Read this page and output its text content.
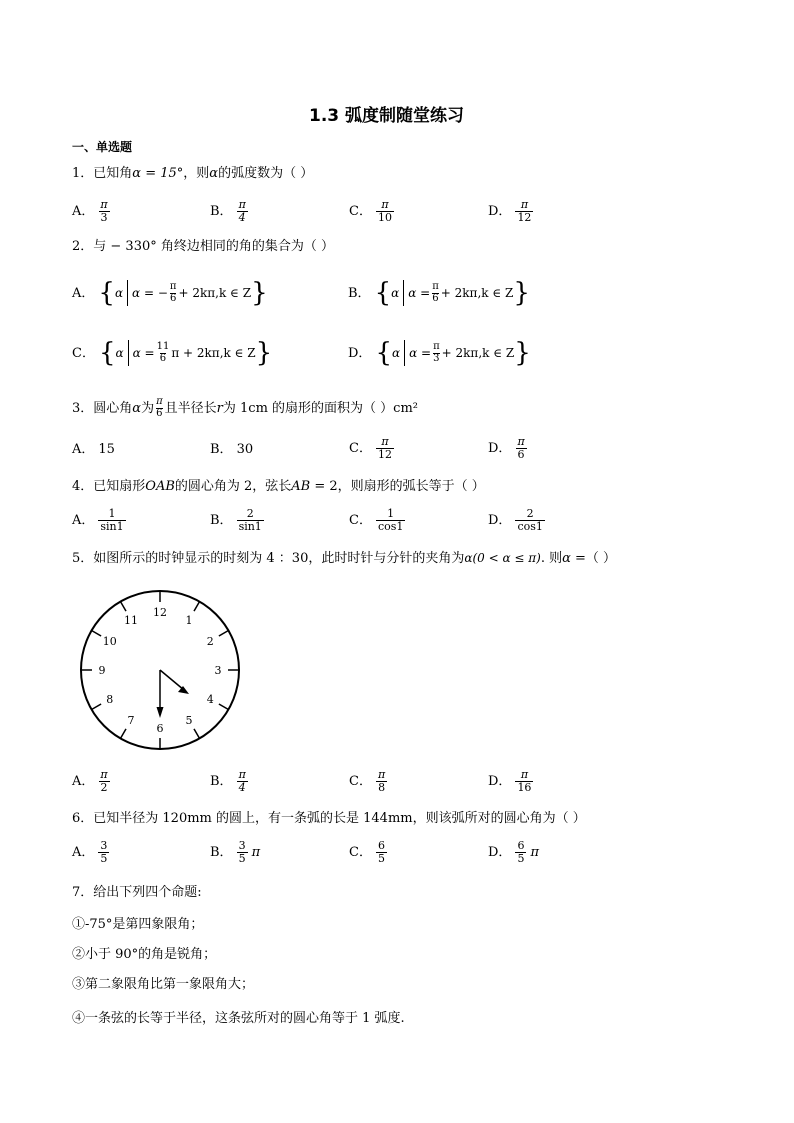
1.3 弧度制随堂练习
一、单选题
1．已知角α = 15°，则α的弧度数为（ ）
A． $\frac{\pi}{3}$	B． $\frac{\pi}{4}$	C． $\frac{\pi}{10}$	D． $\frac{\pi}{12}$
2．与 − 330° 角终边相同的角的集合为（ ）
A． { α α = − $\frac{\pi}{6} + 2k\pi,k$ ∈ Z }	B． { α $\alpha = \frac{\pi}{6} + 2k\pi,k$ ∈ Z }
C． { α $\alpha = \frac{11}{6}$ π + 2kπ,k ∈ Z }	D． { α $\alpha = \frac{\pi}{3} + 2k\pi,k$ ∈ Z }
3．圆心角 α 为 $\frac{\pi}{6}$ 且半径长 r 为 1cm 的扇形的面积为（ ）cm²
A． 15	B． 30	C． $\frac{\pi}{12}$	D． $\frac{\pi}{6}$
4．已知扇形OAB的圆心角为 2，弦长AB = 2，则扇形的弧长等于（ ）
A． $\frac{1}{\sin 1}$	B． $\frac{2}{\sin 1}$	C． $\frac{1}{\cos 1}$	D． $\frac{2}{\cos 1}$
5．如图所示的时钟显示的时刻为 4 ：30，此时时针与分针的夹角为α(0 < α ≤ π). 则α =（ ）
12
1
2
3
4
5
6
7
8
9
10
11
A． $\frac{\pi}{2}$	B． $\frac{\pi}{4}$	C． $\frac{\pi}{8}$	D． $\frac{\pi}{16}$
6．已知半径为 120mm 的圆上，有一条弧的长是 144mm，则该弧所对的圆心角为（ ）
A． $\frac{3}{5}$	B． $\frac{3}{5}$ π	C． $\frac{6}{5}$	D． $\frac{6}{5}$ π
7．给出下列四个命题:
①-75°是第四象限角；
②小于 90°的角是锐角；
③第二象限角比第一象限角大；
④一条弦的长等于半径，这条弦所对的圆心角等于 1 弧度.
